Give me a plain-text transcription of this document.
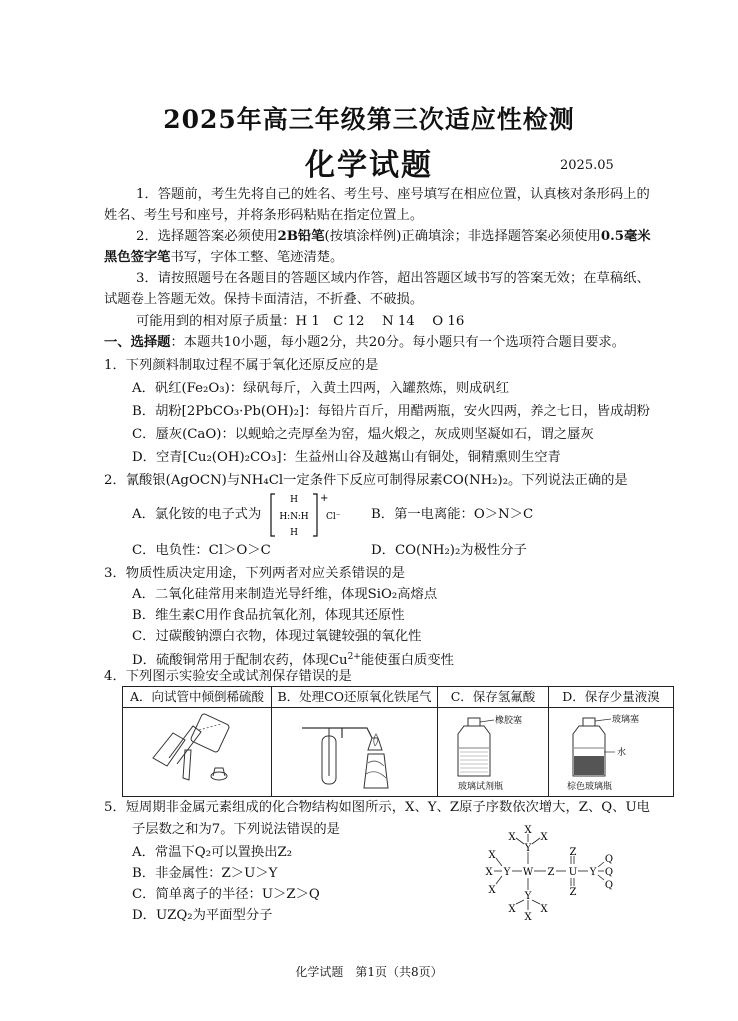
2025年高三年级第三次适应性检测
化学试题	2025.05
1．答题前，考生先将自己的姓名、考生号、座号填写在相应位置，认真核对条形码上的
姓名、考生号和座号，并将条形码粘贴在指定位置上。
2．选择题答案必须使用2B铅笔(按填涂样例)正确填涂；非选择题答案必须使用0.5毫米
黑色签字笔书写，字体工整、笔迹清楚。
3．请按照题号在各题目的答题区域内作答，超出答题区域书写的答案无效；在草稿纸、
试题卷上答题无效。保持卡面清洁，不折叠、不破损。
可能用到的相对原子质量：H 1　C 12　 N 14　 O 16
一、选择题：本题共10小题，每小题2分，共20分。每小题只有一个选项符合题目要求。
1．下列颜料制取过程不属于氧化还原反应的是
A．矾红(Fe₂O₃)：绿矾每斤，入黄土四两，入罐熬炼，则成矾红
B．胡粉[2PbCO₃·Pb(OH)₂]：每铅片百斤，用醋两瓶，安火四两，养之七日，皆成胡粉
C．蜃灰(CaO)：以蚬蛤之壳厚垒为窑，煴火煅之，灰成则坚凝如石，谓之蜃灰
D．空青[Cu₂(OH)₂CO₃]：生益州山谷及越嶲山有铜处，铜精熏则生空青
2．氰酸银(AgOCN)与NH₄Cl一定条件下反应可制得尿素CO(NH₂)₂。下列说法正确的是
A．氯化铵的电子式为
H
H:N:H
H
+
Cl⁻ B．第一电离能：O＞N＞C
C．电负性：Cl＞O＞C	D．CO(NH₂)₂为极性分子
3．物质性质决定用途，下列两者对应关系错误的是
A．二氧化硅常用来制造光导纤维，体现SiO₂高熔点
B．维生素C用作食品抗氧化剂，体现其还原性
C．过碳酸钠漂白衣物，体现过氧键较强的氧化性
D．硫酸铜常用于配制农药，体现$Cu^{2+}$能使蛋白质变性
4．下列图示实验安全或试剂保存错误的是
A．向试管中倾倒稀硫酸	B．处理CO还原氧化铁尾气	C．保存氢氟酸	D．保存少量液溴

橡胶塞
玻璃试剂瓶	玻璃塞
水
棕色玻璃瓶
5．短周期非金属元素组成的化合物结构如图所示，X、Y、Z原子序数依次增大，Z、Q、U电
子层数之和为7。下列说法错误的是
A．常温下Q₂可以置换出Z₂
B．非金属性：Z＞U＞Y
C．简单离子的半径：U＞Z＞Q
D．UZQ₂为平面型分子
X
X X
Y
X
X Y W Z
X
Z
U
Z
Y
Q
Q
Q
Y
X X
X
化学试题　第1页（共8页）
